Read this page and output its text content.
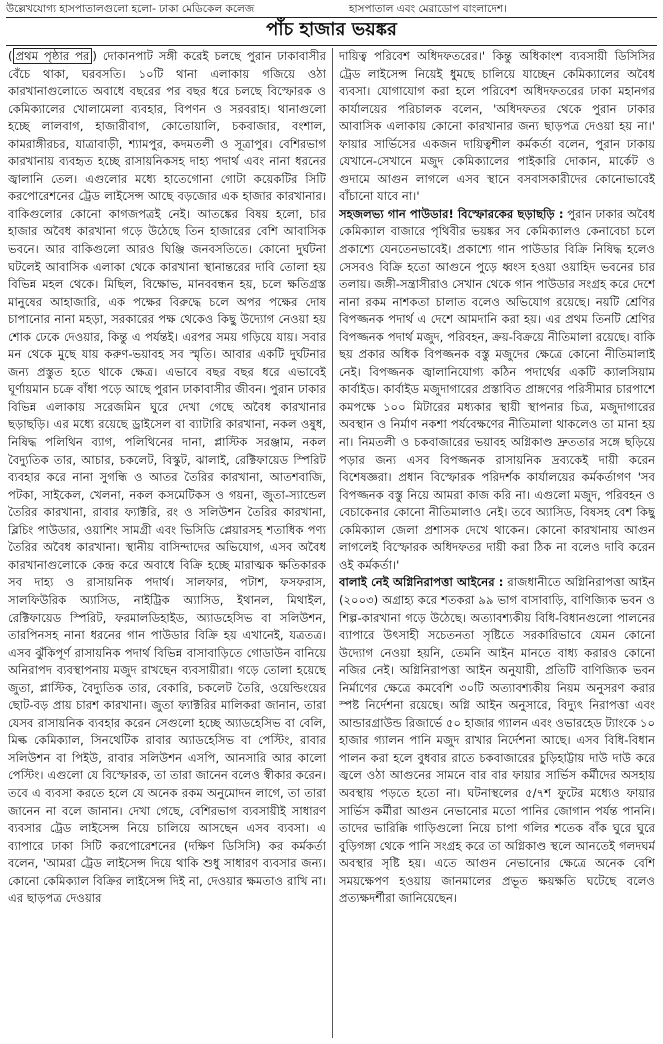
উল্লেখযোগ্য হাসপাতালগুলো হলো- ঢাকা মেডিকেল কলেজ	হাসপাতাল এবং মেরাডোপ বাংলাদেশ।
পাঁচ হাজার ভয়ঙ্কর

( প্রথম পৃষ্ঠার পর ) দোকানপাট সঙ্গী করেই চলছে পুরান ঢাকাবাসীর বেঁচে থাকা, ঘরবসতি। ১০টি থানা এলাকায় গজিয়ে ওঠা কারখানাগুলোতে অবাধে বছরের পর বছর ধরে চলছে বিস্ফোরক ও কেমিক্যালের খোলামেলা ব্যবহার, বিপণন ও সরবরাহ। থানাগুলো হচ্ছে লালবাগ, হাজারীবাগ, কোতোয়ালি, চকবাজার, বংশাল, কামরাঙ্গীরচর, যাত্রাবাড়ী, শ্যামপুর, কদমতলী ও সূত্রাপুর। বেশিরভাগ কারখানায় ব্যবহৃত হচ্ছে রাসায়নিকসহ দাহ্য পদার্থ এবং নানা ধরনের জ্বালানি তেল। এগুলোর মধ্যে হাতেগোনা গোটা কয়েকটির সিটি করপোরেশনের ট্রেড লাইসেন্স আছে বড়জোর এক হাজার কারখানার। বাকিগুলোর কোনো কাগজপত্রই নেই। আতঙ্কের বিষয় হলো, চার হাজার অবৈধ কারখানা গড়ে উঠেছে তিন হাজারের বেশি আবাসিক ভবনে। আর বাকিগুলো আরও ঘিঞ্জি জনবসতিতে। কোনো দুর্ঘটনা ঘটলেই আবাসিক এলাকা থেকে কারখানা স্থানান্তরের দাবি তোলা হয় বিভিন্ন মহল থেকে। মিছিল, বিক্ষোভ, মানববন্ধন হয়, চলে ক্ষতিগ্রস্ত মানুষের আহাজারি, এক পক্ষের বিরুদ্ধে চলে অপর পক্ষের দোষ চাপানোর নানা মহড়া, সরকারের পক্ষ থেকেও কিছু উদ্যোগ নেওয়া হয় শোক ঢেকে দেওয়ার, কিন্তু এ পর্যন্তই। এরপর সময় গড়িয়ে যায়। সবার মন থেকে মুছে যায় করুণ-ভয়াবহ সব স্মৃতি। আবার একটি দুর্ঘটনার জন্য প্রস্তুত হতে থাকে ক্ষেত্র। এভাবে বছর বছর ধরে এভাবেই ঘূর্ণায়মান চক্রে বাঁধা পড়ে আছে পুরান ঢাকাবাসীর জীবন। পুরান ঢাকার বিভিন্ন এলাকায় সরেজমিন ঘুরে দেখা গেছে অবৈধ কারখানার ছড়াছড়ি। এর মধ্যে রয়েছে ড্রাইসেল বা ব্যাটারি কারখানা, নকল ওষুধ, নিষিদ্ধ পলিথিন ব্যাগ, পলিথিনের দানা, প্লাস্টিক সরঞ্জাম, নকল বৈদ্যুতিক তার, আচার, চকলেট, বিস্কুট, ঝালাই, রেক্টিফায়েড স্পিরিট ব্যবহার করে নানা সুগন্ধি ও আতর তৈরির কারখানা, আতশবাজি, পটকা, সাইকেল, খেলনা, নকল কসমেটিকস ও গয়না, জুতা-স্যান্ডেল তৈরির কারখানা, রাবার ফ্যাক্টরি, রং ও সলিউশন তৈরির কারখানা, ব্লিচিং পাউডার, ওয়াশিং সামগ্রী এবং ভিসিডি প্লেয়ারসহ শতাধিক পণ্য তৈরির অবৈধ কারখানা। স্থানীয় বাসিন্দাদের অভিযোগ, এসব অবৈধ কারখানাগুলোকে কেন্দ্র করে অবাধে বিক্রি হচ্ছে মারাত্মক ক্ষতিকারক সব দাহ্য ও রাসায়নিক পদার্থ। সালফার, পটাশ, ফসফরাস, সালফিউরিক অ্যাসিড, নাইট্রিক অ্যাসিড, ইথানল, মিথাইল, রেক্টিফায়েড স্পিরিট, ফরমালডিহাইড, অ্যাডহেসিভ বা সলিউশন, তারপিনসহ নানা ধরনের গান পাউডার বিক্রি হয় এখানেই, যত্রতত্র। এসব ঝুঁকিপূর্ণ রাসায়নিক পদার্থ বিভিন্ন বাসাবাড়িতে গোডাউন বানিয়ে অনিরাপদ ব্যবস্থাপনায় মজুদ রাখছেন ব্যবসায়ীরা। গড়ে তোলা হয়েছে জুতা, প্লাস্টিক, বৈদ্যুতিক তার, বেকারি, চকলেট তৈরি, ওয়েল্ডিংয়ের ছোট-বড় প্রায় চারশ কারখানা। জুতা ফ্যাক্টরির মালিকরা জানান, তারা যেসব রাসায়নিক ব্যবহার করেন সেগুলো হচ্ছে অ্যাডহেসিভ বা বেলি, মিল্ক কেমিক্যাল, সিনথেটিক রাবার অ্যাডহেসিভ বা পেস্টিং, রাবার সলিউশন বা পিইউ, রাবার সলিউশন এসপি, আনসারি আর কালো পেস্টিং। এগুলো যে বিস্ফোরক, তা তারা জানেন বলেও স্বীকার করেন। তবে এ ব্যবসা করতে হলে যে অনেক রকম অনুমোদন লাগে, তা তারা জানেন না বলে জানান। দেখা গেছে, বেশিরভাগ ব্যবসায়ীই সাধারণ ব্যবসার ট্রেড লাইসেন্স নিয়ে চালিয়ে আসছেন এসব ব্যবসা। এ ব্যাপারে ঢাকা সিটি করপোরেশনের (দক্ষিণ ডিসিসি) কর কর্মকর্তা বলেন, 'আমরা ট্রেড লাইসেন্স দিয়ে থাকি শুধু সাধারণ ব্যবসার জন্য। কোনো কেমিক্যাল বিক্রির লাইসেন্স দিই না, দেওয়ার ক্ষমতাও রাখি না। এর ছাড়পত্র দেওয়ার

দায়িত্ব পরিবেশ অধিদফতরের।' কিন্তু অধিকাংশ ব্যবসায়ী ডিসিসির ট্রেড লাইসেন্স নিয়েই ধুমছে চালিয়ে যাচ্ছেন কেমিক্যালের অবৈধ ব্যবসা। যোগাযোগ করা হলে পরিবেশ অধিদফতরের ঢাকা মহানগর কার্যালয়ের পরিচালক বলেন, 'অধিদফতর থেকে পুরান ঢাকার আবাসিক এলাকায় কোনো কারখানার জন্য ছাড়পত্র দেওয়া হয় না।' ফায়ার সার্ভিসের একজন দায়িত্বশীল কর্মকর্তা বলেন, পুরান ঢাকায় যেখানে-সেখানে মজুদ কেমিক্যালের পাইকারি দোকান, মার্কেট ও গুদামে আগুন লাগলে এসব স্থানে বসবাসকারীদের কোনোভাবেই বাঁচানো যাবে না।'

সহজলভ্য গান পাউডার! বিস্ফোরকের ছড়াছড়ি : পুরান ঢাকার অবৈধ কেমিক্যাল বাজারে পৃথিবীর ভয়ঙ্কর সব কেমিক্যালও কেনাবেচা চলে প্রকাশ্যে যেনতেনভাবেই। প্রকাশ্যে গান পাউডার বিক্রি নিষিদ্ধ হলেও সেসবও বিক্রি হতো আগুনে পুড়ে ধ্বংস হওয়া ওয়াহিদ ভবনের চার তলায়। জঙ্গী-সন্ত্রাসীরাও সেখান থেকে গান পাউডার সংগ্রহ করে দেশে নানা রকম নাশকতা চালাত বলেও অভিযোগ রয়েছে। নয়টি শ্রেণির বিপজ্জনক পদার্থ এ দেশে আমদানি করা হয়। এর প্রথম তিনটি শ্রেণির বিপজ্জনক পদার্থ মজুদ, পরিবহন, ক্রয়-বিক্রয়ে নীতিমালা রয়েছে। বাকি ছয় প্রকার অধিক বিপজ্জনক বস্তু মজুদের ক্ষেত্রে কোনো নীতিমালাই নেই। বিপজ্জনক জ্বালানিযোগ্য কঠিন পদার্থের একটি ক্যালসিয়াম কার্বাইড। কার্বাইড মজুদাগারের প্রস্তাবিত প্রাঙ্গণের পরিসীমার চারপাশে কমপক্ষে ১০০ মিটারের মধ্যকার স্থায়ী স্থাপনার চিত্র, মজুদাগারের অবস্থান ও নির্মাণ নকশা পর্যবেক্ষণের নীতিমালা থাকলেও তা মানা হয় না। নিমতলী ও চকবাজারের ভয়াবহ অগ্নিকাণ্ড দ্রুততার সঙ্গে ছড়িয়ে পড়ার জন্য এসব বিপজ্জনক রাসায়নিক দ্রব্যকেই দায়ী করেন বিশেষজ্ঞরা। প্রধান বিস্ফোরক পরিদর্শক কার্যালয়ের কর্মকর্তাগণ 'সব বিপজ্জনক বস্তু নিয়ে আমরা কাজ করি না। এগুলো মজুদ, পরিবহন ও বেচাকেনার কোনো নীতিমালাও নেই। তবে অ্যাসিড, বিষসহ বেশ কিছু কেমিক্যাল জেলা প্রশাসক দেখে থাকেন। কোনো কারখানায় আগুন লাগলেই বিস্ফোরক অধিদফতর দায়ী করা ঠিক না বলেও দাবি করেন ওই কর্মকর্তা।'

বালাই নেই অগ্নিনিরাপত্তা আইনের : রাজধানীতে অগ্নিনিরাপত্তা আইন (২০০৩) অগ্রাহ্য করে শতকরা ৯৯ ভাগ বাসাবাড়ি, বাণিজ্যিক ভবন ও শিল্প-কারখানা গড়ে উঠেছে। অত্যাবশ্যকীয় বিধি-বিধানগুলো পালনের ব্যাপারে উৎসাহী সচেতনতা সৃষ্টিতে সরকারিভাবে যেমন কোনো উদ্যোগ নেওয়া হয়নি, তেমনি আইন মানতে বাধ্য করারও কোনো নজির নেই। অগ্নিনিরাপত্তা আইন অনুযায়ী, প্রতিটি বাণিজ্যিক ভবন নির্মাণের ক্ষেত্রে কমবেশি ৩০টি অত্যাবশ্যকীয় নিয়ম অনুসরণ করার স্পষ্ট নির্দেশনা রয়েছে। অগ্নি আইন অনুসারে, বিদ্যুৎ নিরাপত্তা এবং আন্ডারগ্রাউন্ড রিজার্ভে ৫০ হাজার গ্যালন এবং ওভারহেড ট্যাংকে ১০ হাজার গ্যালন পানি মজুদ রাখার নির্দেশনা আছে। এসব বিধি-বিধান পালন করা হলে বুধবার রাতে চকবাজারের চুড়িহাট্টায় দাউ দাউ করে জ্বলে ওঠা আগুনের সামনে বার বার ফায়ার সার্ভিস কর্মীদের অসহায় অবস্থায় পড়তে হতো না। ঘটনাস্থলের ৫/৭শ ফুটের মধ্যেও ফায়ার সার্ভিস কর্মীরা আগুন নেভানোর মতো পানির জোগান পর্যন্ত পাননি। তাদের ভারিক্কি গাড়িগুলো নিয়ে চাপা গলির শতেক বাঁক ঘুরে ঘুরে বুড়িগঙ্গা থেকে পানি সংগ্রহ করে তা অগ্নিকাণ্ড স্থলে আনতেই গলদঘর্ম অবস্থার সৃষ্টি হয়। এতে আগুন নেভানোর ক্ষেত্রে অনেক বেশি সময়ক্ষেপণ হওয়ায় জানমালের প্রভূত ক্ষয়ক্ষতি ঘটেছে বলেও প্রত্যক্ষদর্শীরা জানিয়েছেন।
